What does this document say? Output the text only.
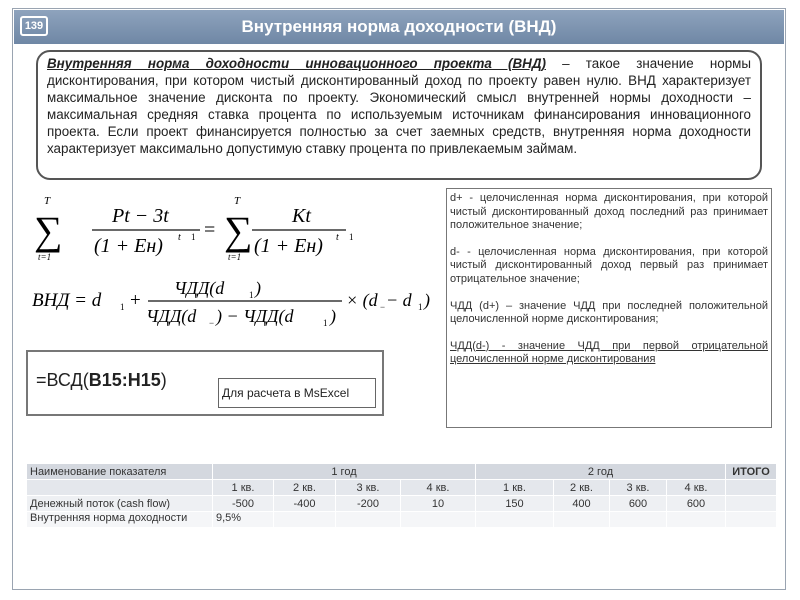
139	Внутренняя норма доходности (ВНД)
Внутренняя норма доходности инновационного проекта (ВНД) – такое значение нормы дисконтирования, при котором чистый дисконтированный доход по проекту равен нулю. ВНД характеризует максимальное значение дисконта по проекту. Экономический смысл внутренней нормы доходности – максимальная средняя ставка процента по используемым источникам финансирования инновационного проекта. Если проект финансируется полностью за счет заемных средств, внутренняя норма доходности характеризует максимально допустимую ставку процента по привлекаемым займам.
T
∑
t=1
Pt − 3t
(1 + Eн) t 1 =
T
∑
t=1
Kt
(1 + Eн) t 1
ВНД = d 1 +
ЧДД(d	1 )
ЧДД(d − ) − ЧДД(d	1 )
× (d − − d 1 )
=ВСД(B15:H15)
Для расчета в MsExcel

d+ - целочисленная норма дисконтирования, при которой чистый дисконтированный доход последний раз принимает положительное значение;

d- - целочисленная норма дисконтирования, при которой чистый дисконтированный доход первый раз принимает отрицательное значение;

ЧДД (d+) – значение ЧДД при последней положительной целочисленной норме дисконтирования;

ЧДД(d-) - значение ЧДД при первой отрицательной целочисленной норме дисконтирования

Наименование показателя	1 год				2 год				ИТОГО
	1 кв.	2 кв.	3 кв.	4 кв.	1 кв.	2 кв.	3 кв.	4 кв.	
Денежный поток (cash flow)	-500	-400	-200	10	150	400	600	600	
Внутренняя норма доходности	9,5%								
